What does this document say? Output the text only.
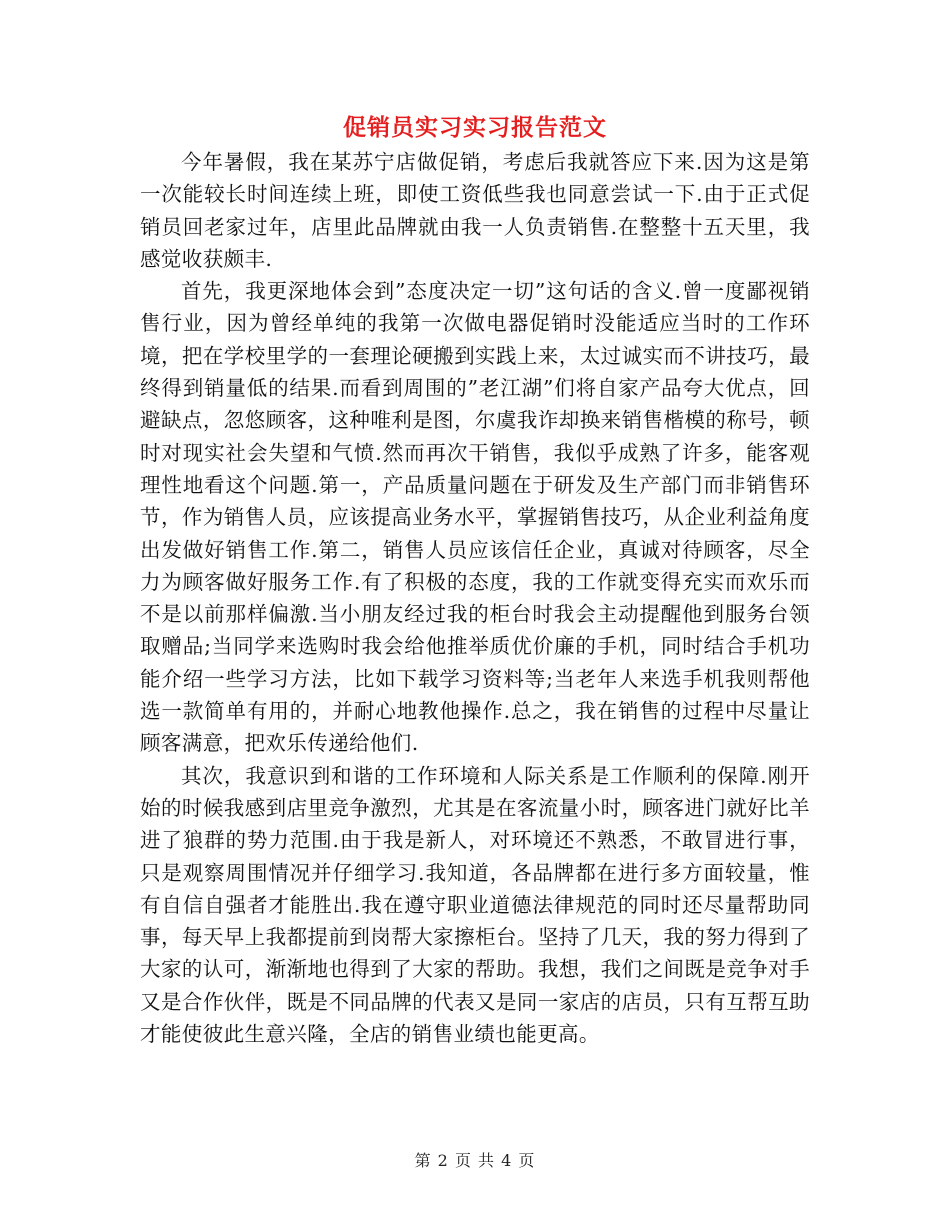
促销员实习实习报告范文

今年暑假，我在某苏宁店做促销，考虑后我就答应下来.因为这是第一次能较长时间连续上班，即使工资低些我也同意尝试一下.由于正式促销员回老家过年，店里此品牌就由我一人负责销售.在整整十五天里，我感觉收获颇丰.

首先，我更深地体会到”态度决定一切”这句话的含义.曾一度鄙视销售行业，因为曾经单纯的我第一次做电器促销时没能适应当时的工作环境，把在学校里学的一套理论硬搬到实践上来，太过诚实而不讲技巧，最终得到销量低的结果.而看到周围的”老江湖”们将自家产品夸大优点，回避缺点，忽悠顾客，这种唯利是图，尔虞我诈却换来销售楷模的称号，顿时对现实社会失望和气愤.然而再次干销售，我似乎成熟了许多，能客观理性地看这个问题.第一，产品质量问题在于研发及生产部门而非销售环节，作为销售人员，应该提高业务水平，掌握销售技巧，从企业利益角度出发做好销售工作.第二，销售人员应该信任企业，真诚对待顾客，尽全力为顾客做好服务工作.有了积极的态度，我的工作就变得充实而欢乐而不是以前那样偏激.当小朋友经过我的柜台时我会主动提醒他到服务台领取赠品;当同学来选购时我会给他推举质优价廉的手机，同时结合手机功能介绍一些学习方法，比如下载学习资料等;当老年人来选手机我则帮他选一款简单有用的，并耐心地教他操作.总之，我在销售的过程中尽量让顾客满意，把欢乐传递给他们.

其次，我意识到和谐的工作环境和人际关系是工作顺利的保障.刚开始的时候我感到店里竞争激烈，尤其是在客流量小时，顾客进门就好比羊进了狼群的势力范围.由于我是新人，对环境还不熟悉，不敢冒进行事，只是观察周围情况并仔细学习.我知道，各品牌都在进行多方面较量，惟有自信自强者才能胜出.我在遵守职业道德法律规范的同时还尽量帮助同事，每天早上我都提前到岗帮大家擦柜台。坚持了几天，我的努力得到了大家的认可，渐渐地也得到了大家的帮助。我想，我们之间既是竞争对手又是合作伙伴，既是不同品牌的代表又是同一家店的店员，只有互帮互助才能使彼此生意兴隆，全店的销售业绩也能更高。

第 2 页 共 4 页
